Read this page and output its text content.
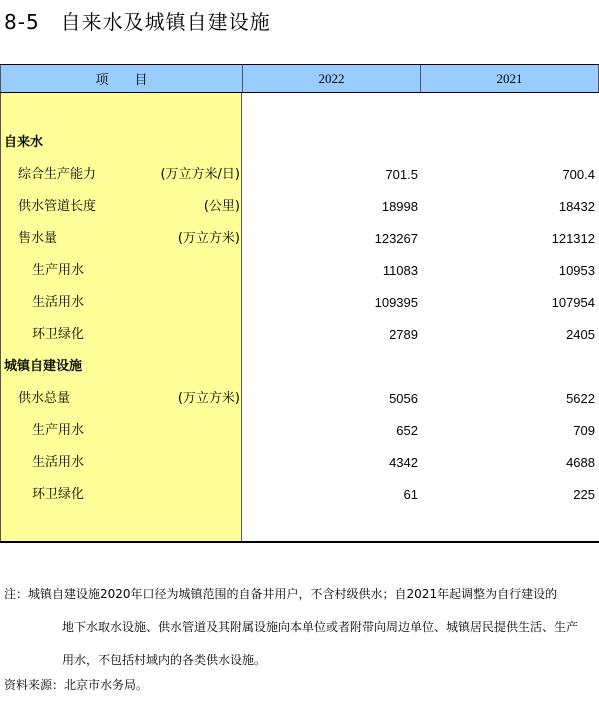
8-5　自来水及城镇自建设施
项　　目	2022	2021
自来水
综合生产能力	(万立方米/日)	701.5	700.4
供水管道长度	(公里)	18998	18432
售水量	(万立方米)	123267	121312
生产用水	11083	10953
生活用水	109395	107954
环卫绿化	2789	2405
城镇自建设施
供水总量	(万立方米)	5056	5622
生产用水	652	709
生活用水	4342	4688
环卫绿化	61	225
注：城镇自建设施2020年口径为城镇范围的自备井用户，不含村级供水；自2021年起调整为自行建设的
地下水取水设施、供水管道及其附属设施向本单位或者附带向周边单位、城镇居民提供生活、生产
用水，不包括村域内的各类供水设施。
资料来源：北京市水务局。
